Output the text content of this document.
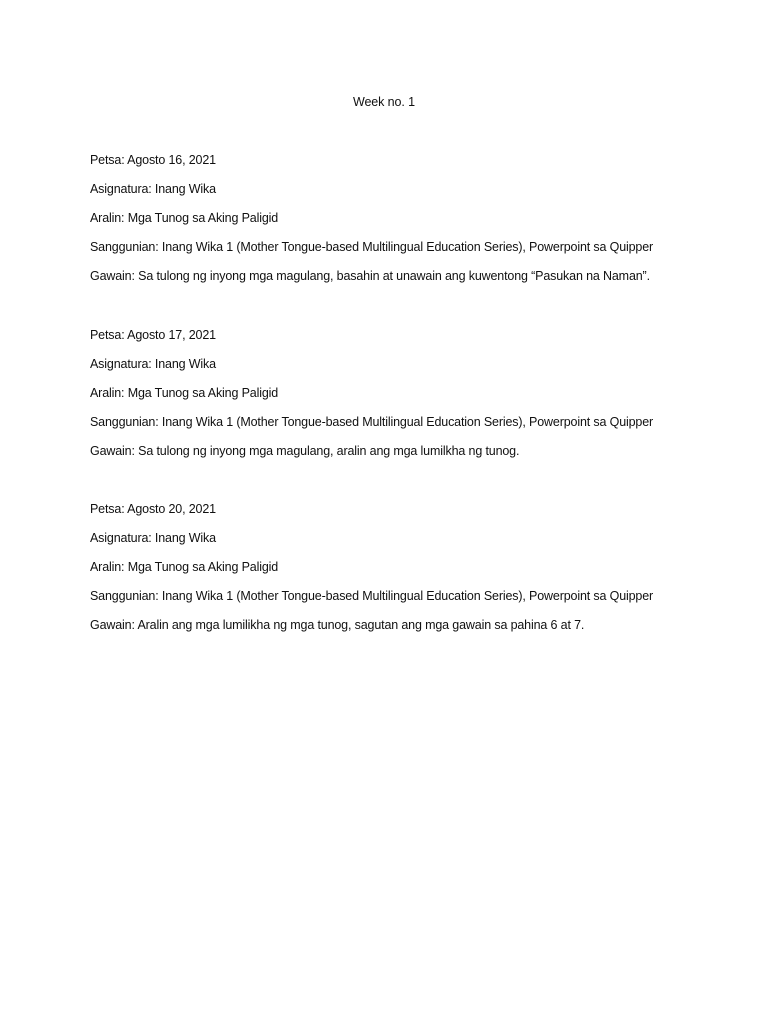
Week no. 1
Petsa: Agosto 16, 2021
Asignatura: Inang Wika
Aralin: Mga Tunog sa Aking Paligid
Sanggunian: Inang Wika 1 (Mother Tongue-based Multilingual Education Series), Powerpoint sa Quipper
Gawain: Sa tulong ng inyong mga magulang, basahin at unawain ang kuwentong “Pasukan na Naman”.
Petsa: Agosto 17, 2021
Asignatura: Inang Wika
Aralin: Mga Tunog sa Aking Paligid
Sanggunian: Inang Wika 1 (Mother Tongue-based Multilingual Education Series), Powerpoint sa Quipper
Gawain: Sa tulong ng inyong mga magulang, aralin ang mga lumilkha ng tunog.
Petsa: Agosto 20, 2021
Asignatura: Inang Wika
Aralin: Mga Tunog sa Aking Paligid
Sanggunian: Inang Wika 1 (Mother Tongue-based Multilingual Education Series), Powerpoint sa Quipper
Gawain: Aralin ang mga lumilikha ng mga tunog, sagutan ang mga gawain sa pahina 6 at 7.
